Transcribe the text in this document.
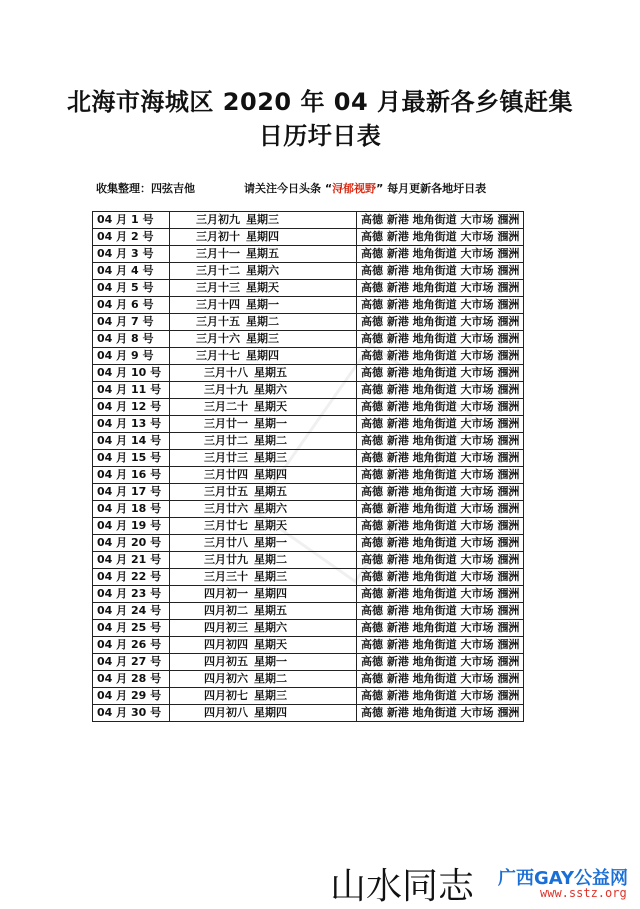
北海市海城区 2020 年 04 月最新各乡镇赶集
日历圩日表
收集整理：四弦吉他	请关注今日头条 “浔郁视野” 每月更新各地圩日表
04 月 1 号	三月初九 星期三	高德 新港 地角街道 大市场 涠洲
04 月 2 号	三月初十 星期四	高德 新港 地角街道 大市场 涠洲
04 月 3 号	三月十一 星期五	高德 新港 地角街道 大市场 涠洲
04 月 4 号	三月十二 星期六	高德 新港 地角街道 大市场 涠洲
04 月 5 号	三月十三 星期天	高德 新港 地角街道 大市场 涠洲
04 月 6 号	三月十四 星期一	高德 新港 地角街道 大市场 涠洲
04 月 7 号	三月十五 星期二	高德 新港 地角街道 大市场 涠洲
04 月 8 号	三月十六 星期三	高德 新港 地角街道 大市场 涠洲
04 月 9 号	三月十七 星期四	高德 新港 地角街道 大市场 涠洲
04 月 10 号	三月十八 星期五	高德 新港 地角街道 大市场 涠洲
04 月 11 号	三月十九 星期六	高德 新港 地角街道 大市场 涠洲
04 月 12 号	三月二十 星期天	高德 新港 地角街道 大市场 涠洲
04 月 13 号	三月廿一 星期一	高德 新港 地角街道 大市场 涠洲
04 月 14 号	三月廿二 星期二	高德 新港 地角街道 大市场 涠洲
04 月 15 号	三月廿三 星期三	高德 新港 地角街道 大市场 涠洲
04 月 16 号	三月廿四 星期四	高德 新港 地角街道 大市场 涠洲
04 月 17 号	三月廿五 星期五	高德 新港 地角街道 大市场 涠洲
04 月 18 号	三月廿六 星期六	高德 新港 地角街道 大市场 涠洲
04 月 19 号	三月廿七 星期天	高德 新港 地角街道 大市场 涠洲
04 月 20 号	三月廿八 星期一	高德 新港 地角街道 大市场 涠洲
04 月 21 号	三月廿九 星期二	高德 新港 地角街道 大市场 涠洲
04 月 22 号	三月三十 星期三	高德 新港 地角街道 大市场 涠洲
04 月 23 号	四月初一 星期四	高德 新港 地角街道 大市场 涠洲
04 月 24 号	四月初二 星期五	高德 新港 地角街道 大市场 涠洲
04 月 25 号	四月初三 星期六	高德 新港 地角街道 大市场 涠洲
04 月 26 号	四月初四 星期天	高德 新港 地角街道 大市场 涠洲
04 月 27 号	四月初五 星期一	高德 新港 地角街道 大市场 涠洲
04 月 28 号	四月初六 星期二	高德 新港 地角街道 大市场 涠洲
04 月 29 号	四月初七 星期三	高德 新港 地角街道 大市场 涠洲
04 月 30 号	四月初八 星期四	高德 新港 地角街道 大市场 涠洲
山水同志 广西GAY公益网
www.sstz.org
